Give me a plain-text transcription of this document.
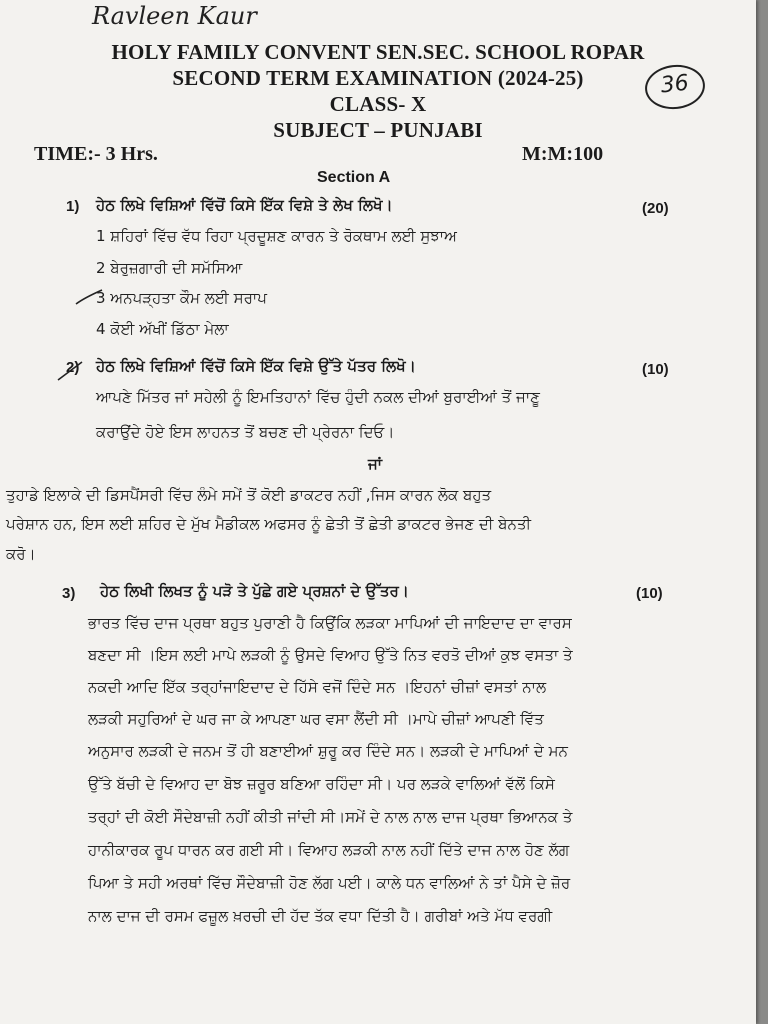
Ravleen Kaur
HOLY FAMILY CONVENT SEN.SEC. SCHOOL ROPAR
SECOND TERM EXAMINATION (2024-25)
CLASS- X
SUBJECT – PUNJABI
36
TIME:- 3 Hrs.	M:M:100
Section A
1) ਹੇਠ ਲਿਖੇ ਵਿਸ਼ਿਆਂ ਵਿੱਚੋਂ ਕਿਸੇ ਇੱਕ ਵਿਸ਼ੇ ਤੇ ਲੇਖ ਲਿਖੋ।	(20)
1 ਸ਼ਹਿਰਾਂ ਵਿੱਚ ਵੱਧ ਰਿਹਾ ਪ੍ਰਦੂਸ਼ਣ ਕਾਰਨ ਤੇ ਰੋਕਥਾਮ ਲਈ ਸੁਝਾਅ
2 ਬੇਰੁਜ਼ਗਾਰੀ ਦੀ ਸਮੱਸਿਆ
3 ਅਨਪੜ੍ਹਤਾ ਕੌਮ ਲਈ ਸਰਾਪ
4 ਕੋਈ ਅੱਖੀਂ ਡਿੱਠਾ ਮੇਲਾ
2) ਹੇਠ ਲਿਖੇ ਵਿਸ਼ਿਆਂ ਵਿੱਚੋਂ ਕਿਸੇ ਇੱਕ ਵਿਸ਼ੇ ਉੱਤੇ ਪੱਤਰ ਲਿਖੋ।	(10)
ਆਪਣੇ ਮਿੱਤਰ ਜਾਂ ਸਹੇਲੀ ਨੂੰ ਇਮਤਿਹਾਨਾਂ ਵਿੱਚ ਹੁੰਦੀ ਨਕਲ ਦੀਆਂ ਬੁਰਾਈਆਂ ਤੋਂ ਜਾਣੂ
ਕਰਾਉਂਦੇ ਹੋਏ ਇਸ ਲਾਹਨਤ ਤੋਂ ਬਚਣ ਦੀ ਪ੍ਰੇਰਨਾ ਦਿਓ।
ਜਾਂ
ਤੁਹਾਡੇ ਇਲਾਕੇ ਦੀ ਡਿਸਪੈਂਸਰੀ ਵਿੱਚ ਲੰਮੇ ਸਮੇਂ ਤੋਂ ਕੋਈ ਡਾਕਟਰ ਨਹੀਂ ,ਜਿਸ ਕਾਰਨ ਲੋਕ ਬਹੁਤ
ਪਰੇਸ਼ਾਨ ਹਨ, ਇਸ ਲਈ ਸ਼ਹਿਰ ਦੇ ਮੁੱਖ ਮੈਡੀਕਲ ਅਫਸਰ ਨੂੰ ਛੇਤੀ ਤੋਂ ਛੇਤੀ ਡਾਕਟਰ ਭੇਜਣ ਦੀ ਬੇਨਤੀ
ਕਰੋ।
3) ਹੇਠ ਲਿਖੀ ਲਿਖਤ ਨੂੰ ਪੜੋ ਤੇ ਪੁੱਛੇ ਗਏ ਪ੍ਰਸ਼ਨਾਂ ਦੇ ਉੱਤਰ।	(10)
ਭਾਰਤ ਵਿੱਚ ਦਾਜ ਪ੍ਰਥਾ ਬਹੁਤ ਪੁਰਾਣੀ ਹੈ ਕਿਉਂਕਿ ਲੜਕਾ ਮਾਪਿਆਂ ਦੀ ਜਾਇਦਾਦ ਦਾ ਵਾਰਸ
ਬਣਦਾ ਸੀ ।ਇਸ ਲਈ ਮਾਪੇ ਲੜਕੀ ਨੂੰ ਉਸਦੇ ਵਿਆਹ ਉੱਤੇ ਨਿਤ ਵਰਤੋ ਦੀਆਂ ਕੁਝ ਵਸਤਾ ਤੇ
ਨਕਦੀ ਆਦਿ ਇੱਕ ਤਰ੍ਹਾਂਜਾਇਦਾਦ ਦੇ ਹਿੱਸੇ ਵਜੋਂ ਦਿੰਦੇ ਸਨ ।ਇਹਨਾਂ ਚੀਜ਼ਾਂ ਵਸਤਾਂ ਨਾਲ
ਲੜਕੀ ਸਹੁਰਿਆਂ ਦੇ ਘਰ ਜਾ ਕੇ ਆਪਣਾ ਘਰ ਵਸਾ ਲੈਂਦੀ ਸੀ ।ਮਾਪੇ ਚੀਜ਼ਾਂ ਆਪਣੀ ਵਿੱਤ
ਅਨੁਸਾਰ ਲੜਕੀ ਦੇ ਜਨਮ ਤੋਂ ਹੀ ਬਣਾਈਆਂ ਸ਼ੁਰੂ ਕਰ ਦਿੰਦੇ ਸਨ। ਲੜਕੀ ਦੇ ਮਾਪਿਆਂ ਦੇ ਮਨ
ਉੱਤੇ ਬੱਚੀ ਦੇ ਵਿਆਹ ਦਾ ਬੋਝ ਜ਼ਰੂਰ ਬਣਿਆ ਰਹਿੰਦਾ ਸੀ। ਪਰ ਲੜਕੇ ਵਾਲਿਆਂ ਵੱਲੋਂ ਕਿਸੇ
ਤਰ੍ਹਾਂ ਦੀ ਕੋਈ ਸੌਦੇਬਾਜ਼ੀ ਨਹੀਂ ਕੀਤੀ ਜਾਂਦੀ ਸੀ।ਸਮੇਂ ਦੇ ਨਾਲ ਨਾਲ ਦਾਜ ਪ੍ਰਥਾ ਭਿਆਨਕ ਤੇ
ਹਾਨੀਕਾਰਕ ਰੂਪ ਧਾਰਨ ਕਰ ਗਈ ਸੀ। ਵਿਆਹ ਲੜਕੀ ਨਾਲ ਨਹੀਂ ਦਿੱਤੇ ਦਾਜ ਨਾਲ ਹੋਣ ਲੱਗ
ਪਿਆ ਤੇ ਸਹੀ ਅਰਥਾਂ ਵਿੱਚ ਸੌਦੇਬਾਜ਼ੀ ਹੋਣ ਲੱਗ ਪਈ। ਕਾਲੇ ਧਨ ਵਾਲਿਆਂ ਨੇ ਤਾਂ ਪੈਸੇ ਦੇ ਜ਼ੋਰ
ਨਾਲ ਦਾਜ ਦੀ ਰਸਮ ਫਜ਼ੂਲ ਖ਼ਰਚੀ ਦੀ ਹੱਦ ਤੱਕ ਵਧਾ ਦਿੱਤੀ ਹੈ। ਗਰੀਬਾਂ ਅਤੇ ਮੱਧ ਵਰਗੀ
